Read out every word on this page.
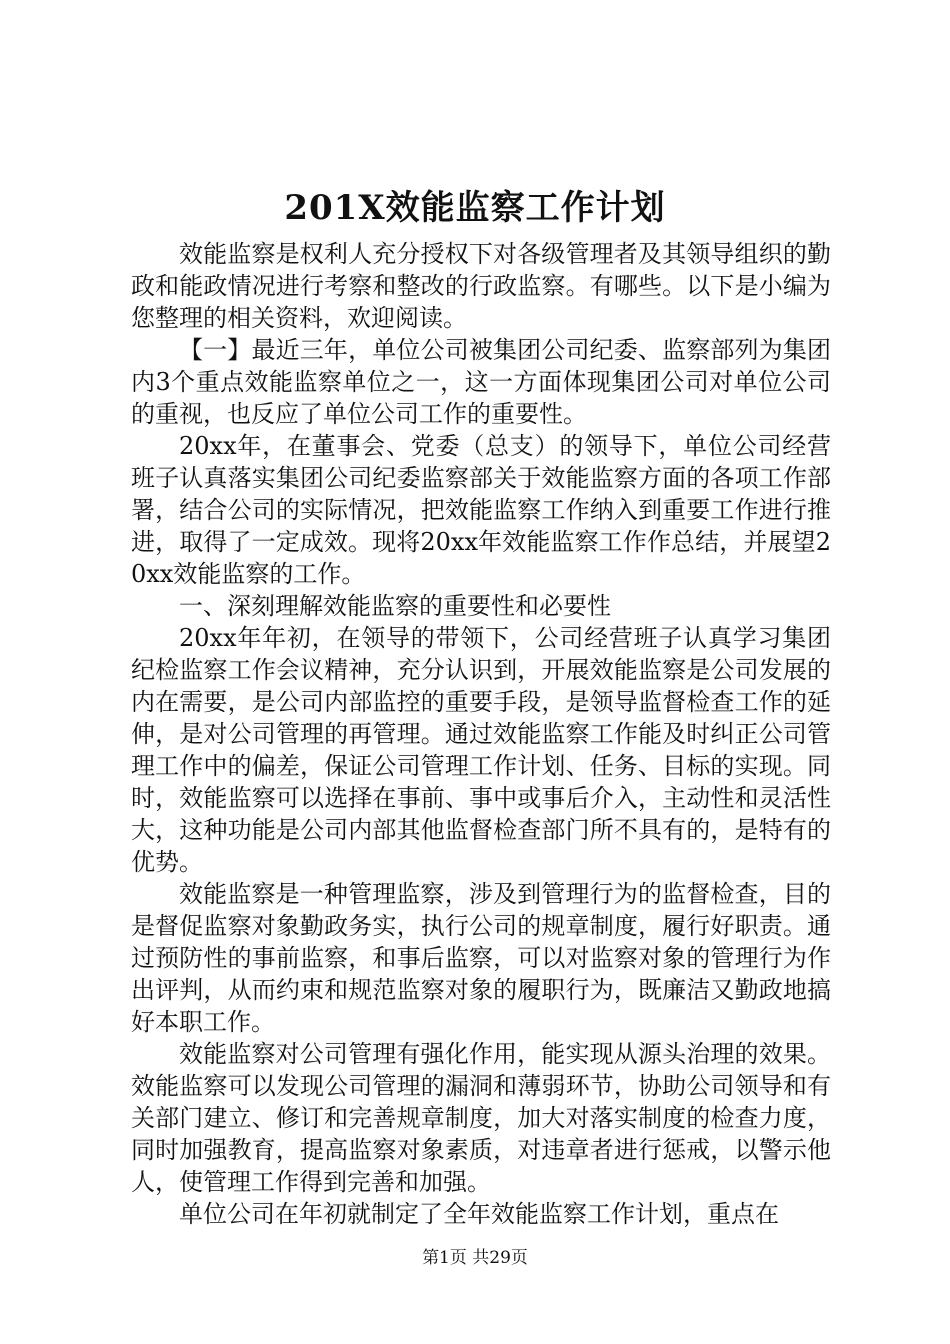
201X效能监察工作计划

效能监察是权利人充分授权下对各级管理者及其领导组织的勤政和能政情况进行考察和整改的行政监察。有哪些。以下是小编为您整理的相关资料，欢迎阅读。

【一】最近三年，单位公司被集团公司纪委、监察部列为集团内3个重点效能监察单位之一，这一方面体现集团公司对单位公司的重视，也反应了单位公司工作的重要性。

20xx年，在董事会、党委（总支）的领导下，单位公司经营班子认真落实集团公司纪委监察部关于效能监察方面的各项工作部署，结合公司的实际情况，把效能监察工作纳入到重要工作进行推进，取得了一定成效。现将20xx年效能监察工作作总结，并展望20xx效能监察的工作。

一、深刻理解效能监察的重要性和必要性

20xx年年初，在领导的带领下，公司经营班子认真学习集团纪检监察工作会议精神，充分认识到，开展效能监察是公司发展的内在需要，是公司内部监控的重要手段，是领导监督检查工作的延伸，是对公司管理的再管理。通过效能监察工作能及时纠正公司管理工作中的偏差，保证公司管理工作计划、任务、目标的实现。同时，效能监察可以选择在事前、事中或事后介入，主动性和灵活性大，这种功能是公司内部其他监督检查部门所不具有的，是特有的优势。

效能监察是一种管理监察，涉及到管理行为的监督检查，目的是督促监察对象勤政务实，执行公司的规章制度，履行好职责。通过预防性的事前监察，和事后监察，可以对监察对象的管理行为作出评判，从而约束和规范监察对象的履职行为，既廉洁又勤政地搞好本职工作。

效能监察对公司管理有强化作用，能实现从源头治理的效果。效能监察可以发现公司管理的漏洞和薄弱环节，协助公司领导和有关部门建立、修订和完善规章制度，加大对落实制度的检查力度，同时加强教育，提高监察对象素质，对违章者进行惩戒，以警示他人，使管理工作得到完善和加强。

单位公司在年初就制定了全年效能监察工作计划，重点在

第1页 共29页
